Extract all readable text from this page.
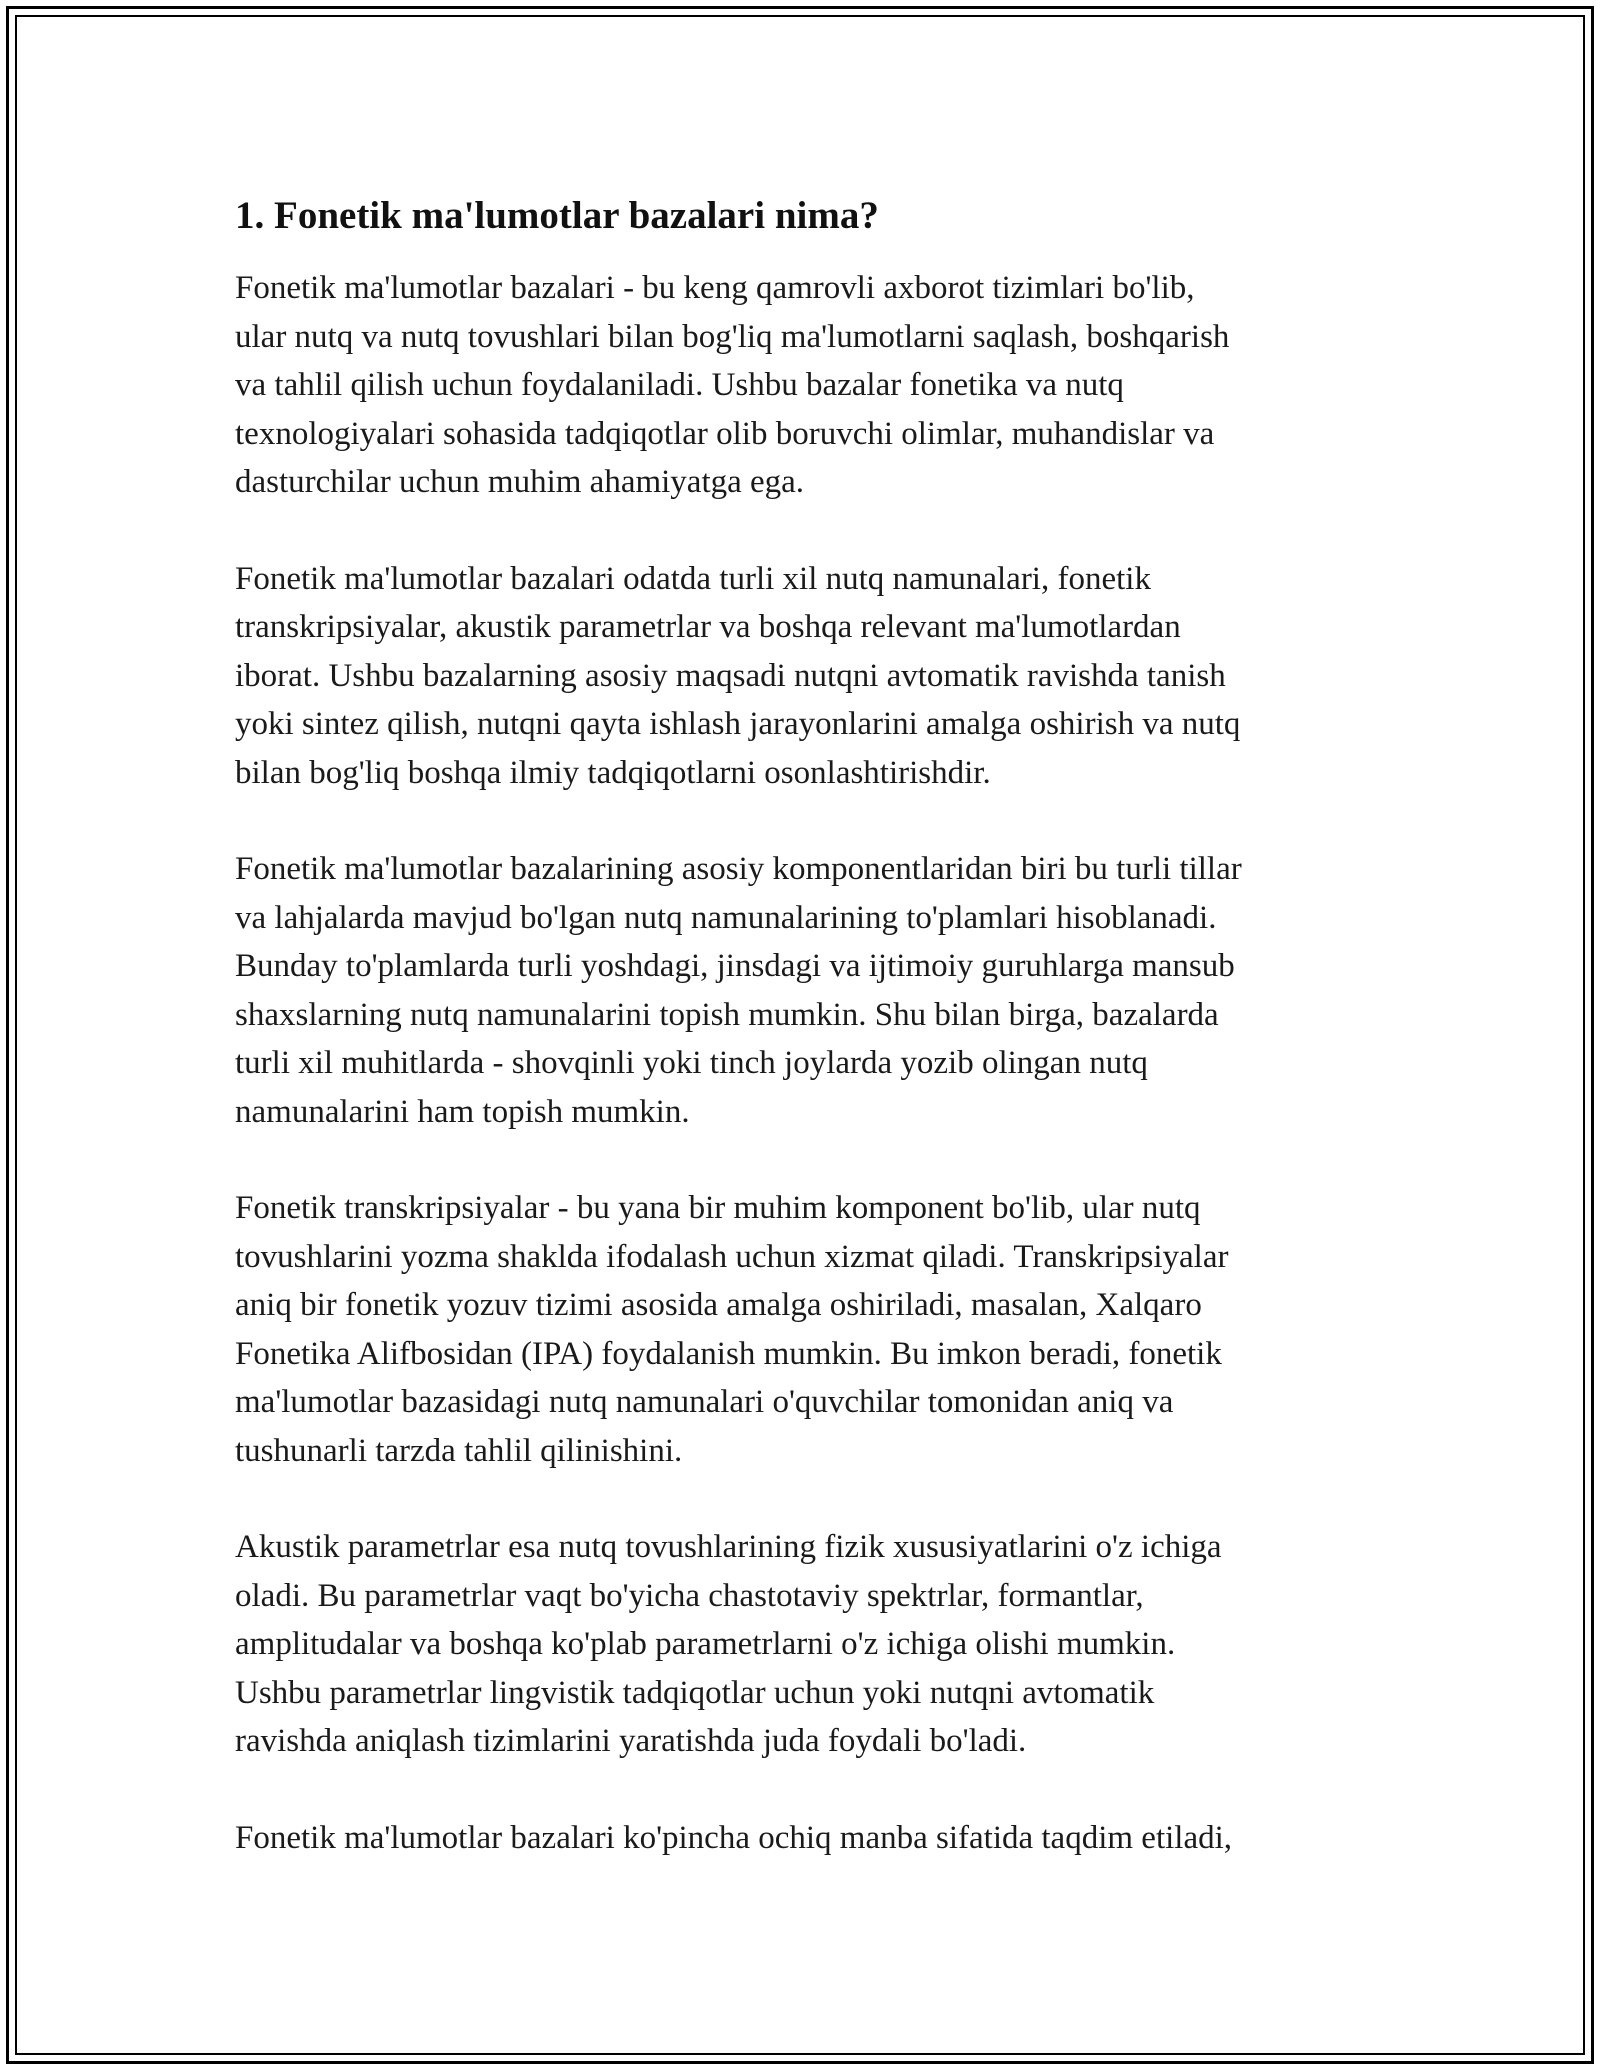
1. Fonetik ma'lumotlar bazalari nima?

Fonetik ma'lumotlar bazalari - bu keng qamrovli axborot tizimlari bo'lib,
ular nutq va nutq tovushlari bilan bog'liq ma'lumotlarni saqlash, boshqarish
va tahlil qilish uchun foydalaniladi. Ushbu bazalar fonetika va nutq
texnologiyalari sohasida tadqiqotlar olib boruvchi olimlar, muhandislar va
dasturchilar uchun muhim ahamiyatga ega.

Fonetik ma'lumotlar bazalari odatda turli xil nutq namunalari, fonetik
transkripsiyalar, akustik parametrlar va boshqa relevant ma'lumotlardan
iborat. Ushbu bazalarning asosiy maqsadi nutqni avtomatik ravishda tanish
yoki sintez qilish, nutqni qayta ishlash jarayonlarini amalga oshirish va nutq
bilan bog'liq boshqa ilmiy tadqiqotlarni osonlashtirishdir.

Fonetik ma'lumotlar bazalarining asosiy komponentlaridan biri bu turli tillar
va lahjalarda mavjud bo'lgan nutq namunalarining to'plamlari hisoblanadi.
Bunday to'plamlarda turli yoshdagi, jinsdagi va ijtimoiy guruhlarga mansub
shaxslarning nutq namunalarini topish mumkin. Shu bilan birga, bazalarda
turli xil muhitlarda - shovqinli yoki tinch joylarda yozib olingan nutq
namunalarini ham topish mumkin.

Fonetik transkripsiyalar - bu yana bir muhim komponent bo'lib, ular nutq
tovushlarini yozma shaklda ifodalash uchun xizmat qiladi. Transkripsiyalar
aniq bir fonetik yozuv tizimi asosida amalga oshiriladi, masalan, Xalqaro
Fonetika Alifbosidan (IPA) foydalanish mumkin. Bu imkon beradi, fonetik
ma'lumotlar bazasidagi nutq namunalari o'quvchilar tomonidan aniq va
tushunarli tarzda tahlil qilinishini.

Akustik parametrlar esa nutq tovushlarining fizik xususiyatlarini o'z ichiga
oladi. Bu parametrlar vaqt bo'yicha chastotaviy spektrlar, formantlar,
amplitudalar va boshqa ko'plab parametrlarni o'z ichiga olishi mumkin.
Ushbu parametrlar lingvistik tadqiqotlar uchun yoki nutqni avtomatik
ravishda aniqlash tizimlarini yaratishda juda foydali bo'ladi.

Fonetik ma'lumotlar bazalari ko'pincha ochiq manba sifatida taqdim etiladi,
